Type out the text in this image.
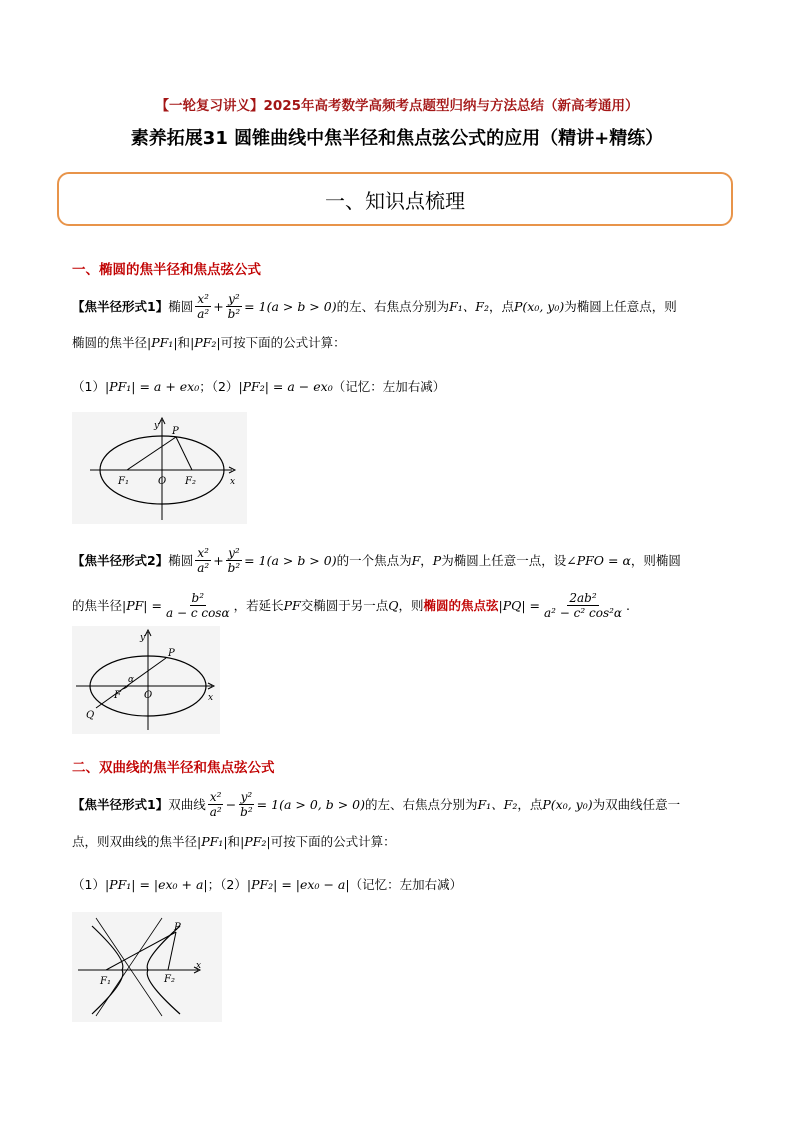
【一轮复习讲义】2025年高考数学高频考点题型归纳与方法总结（新高考通用）
素养拓展31 圆锥曲线中焦半径和焦点弦公式的应用（精讲+精练）
一、知识点梳理
一、椭圆的焦半径和焦点弦公式
【焦半径形式1】 椭圆 $\frac{\text{x²}}{\text{a²}} + \frac{\text{y²}}{\text{b²}} = 1$ (a > b > 0) 的左、右焦点分别为 F₁、F₂ ，点 P(x₀, y₀) 为椭圆上任意点，则
椭圆的焦半径 |PF₁| 和 |PF₂| 可按下面的公式计算：
（1） |PF₁| = a + ex₀ ；（2） |PF₂| = a − ex₀ （记忆：左加右减）
P
y
x
O
F₁	F₂
【焦半径形式2】 椭圆 $\frac{\text{x²}}{\text{a²}} + \frac{\text{y²}}{\text{b²}} = 1(a > b > 0)$ 的一个焦点为 F ， P 为椭圆上任意一点，设 ∠PFO = α ，则椭圆
的焦半径 $|PF| = \frac{\text{b²}}{\text{a − c cosα}}$ ，若延长 PF 交椭圆于另一点 Q ，则 椭圆的焦点弦 $|PQ| = \frac{\text{2ab²}}{\text{a² − c² cos²α}}$ .
P
y
x
O
F
α
Q
二、双曲线的焦半径和焦点弦公式
【焦半径形式1】 双曲线 $\frac{\text{x²}}{\text{a²}} - \frac{\text{y²}}{\text{b²}} = 1$ (a > 0, b > 0) 的左、右焦点分别为 F₁、F₂ ，点 P(x₀, y₀) 为双曲线任意一
点，则双曲线的焦半径 |PF₁| 和 |PF₂| 可按下面的公式计算：
（1） |PF₁| = |ex₀ + a| ；（2） |PF₂| = |ex₀ − a| （记忆：左加右减）
P
x
F₁	F₂
